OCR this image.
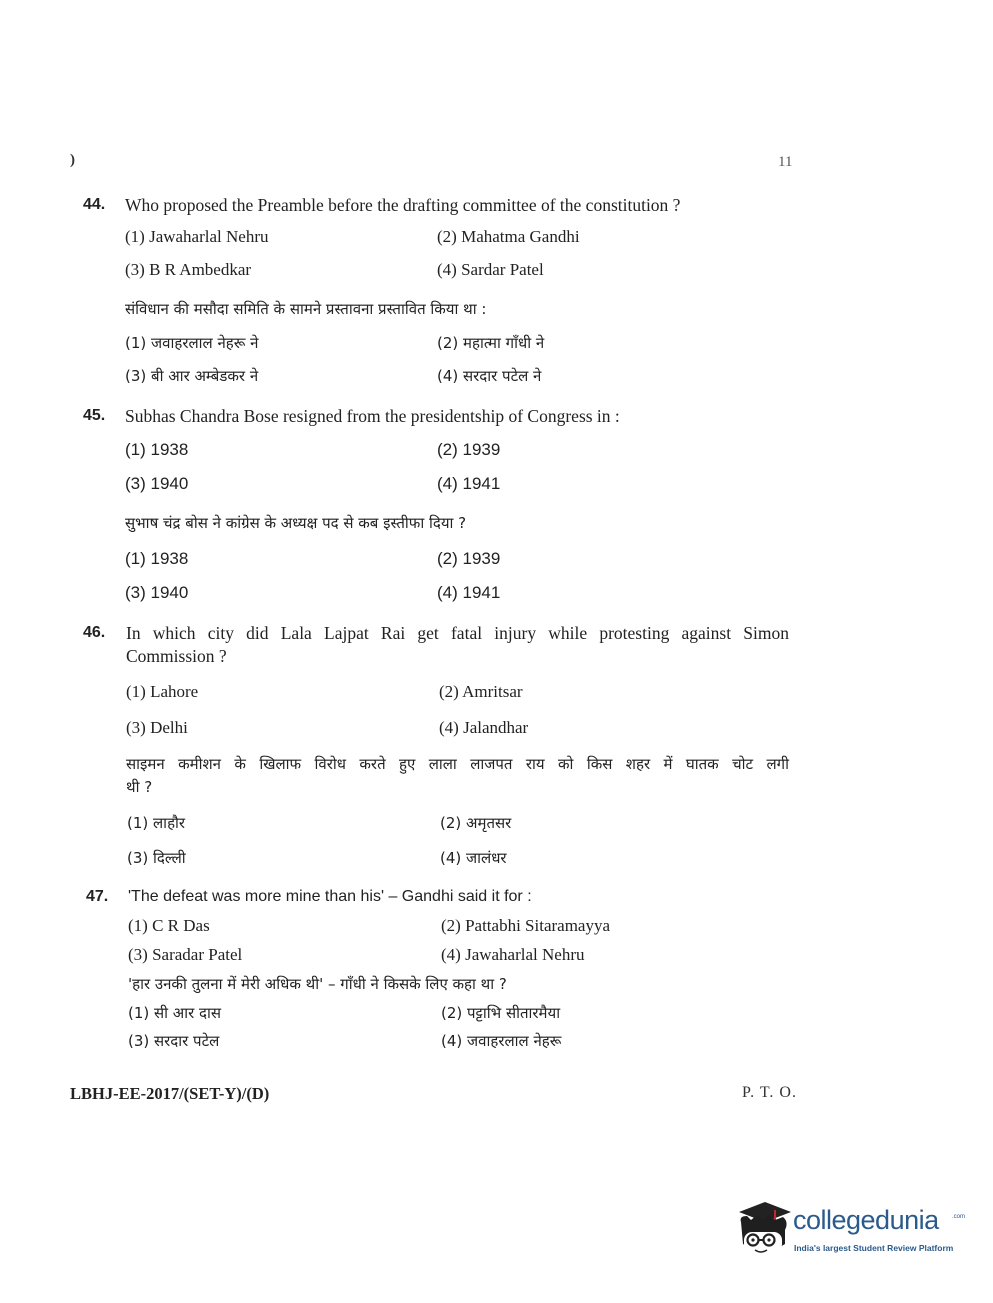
)	11
44. Who proposed the Preamble before the drafting committee of the constitution ?
(1) Jawaharlal Nehru	(2) Mahatma Gandhi
(3) B R Ambedkar	(4) Sardar Patel
संविधान की मसौदा समिति के सामने प्रस्तावना प्रस्तावित किया था :
(1) जवाहरलाल नेहरू ने	(2) महात्मा गाँधी ने
(3) बी आर अम्बेडकर ने	(4) सरदार पटेल ने
45. Subhas Chandra Bose resigned from the presidentship of Congress in :
(1) 1938	(2) 1939
(3) 1940	(4) 1941
सुभाष चंद्र बोस ने कांग्रेस के अध्यक्ष पद से कब इस्तीफा दिया ?
(1) 1938	(2) 1939
(3) 1940	(4) 1941
46. In which city did Lala Lajpat Rai get fatal injury while protesting against Simon
Commission ?
(1) Lahore	(2) Amritsar
(3) Delhi	(4) Jalandhar
साइमन कमीशन के खिलाफ विरोध करते हुए लाला लाजपत राय को किस शहर में घातक चोट लगी
थी ?
(1) लाहौर	(2) अमृतसर
(3) दिल्ली	(4) जालंधर
47. 'The defeat was more mine than his' – Gandhi said it for :
(1) C R Das	(2) Pattabhi Sitaramayya
(3) Saradar Patel	(4) Jawaharlal Nehru
'हार उनकी तुलना में मेरी अधिक थी' – गाँधी ने किसके लिए कहा था ?
(1) सी आर दास	(2) पट्टाभि सीतारमैया
(3) सरदार पटेल	(4) जवाहरलाल नेहरू
LBHJ-EE-2017/(SET-Y)/(D)	P. T. O.
collegedunia .com
India's largest Student Review Platform
